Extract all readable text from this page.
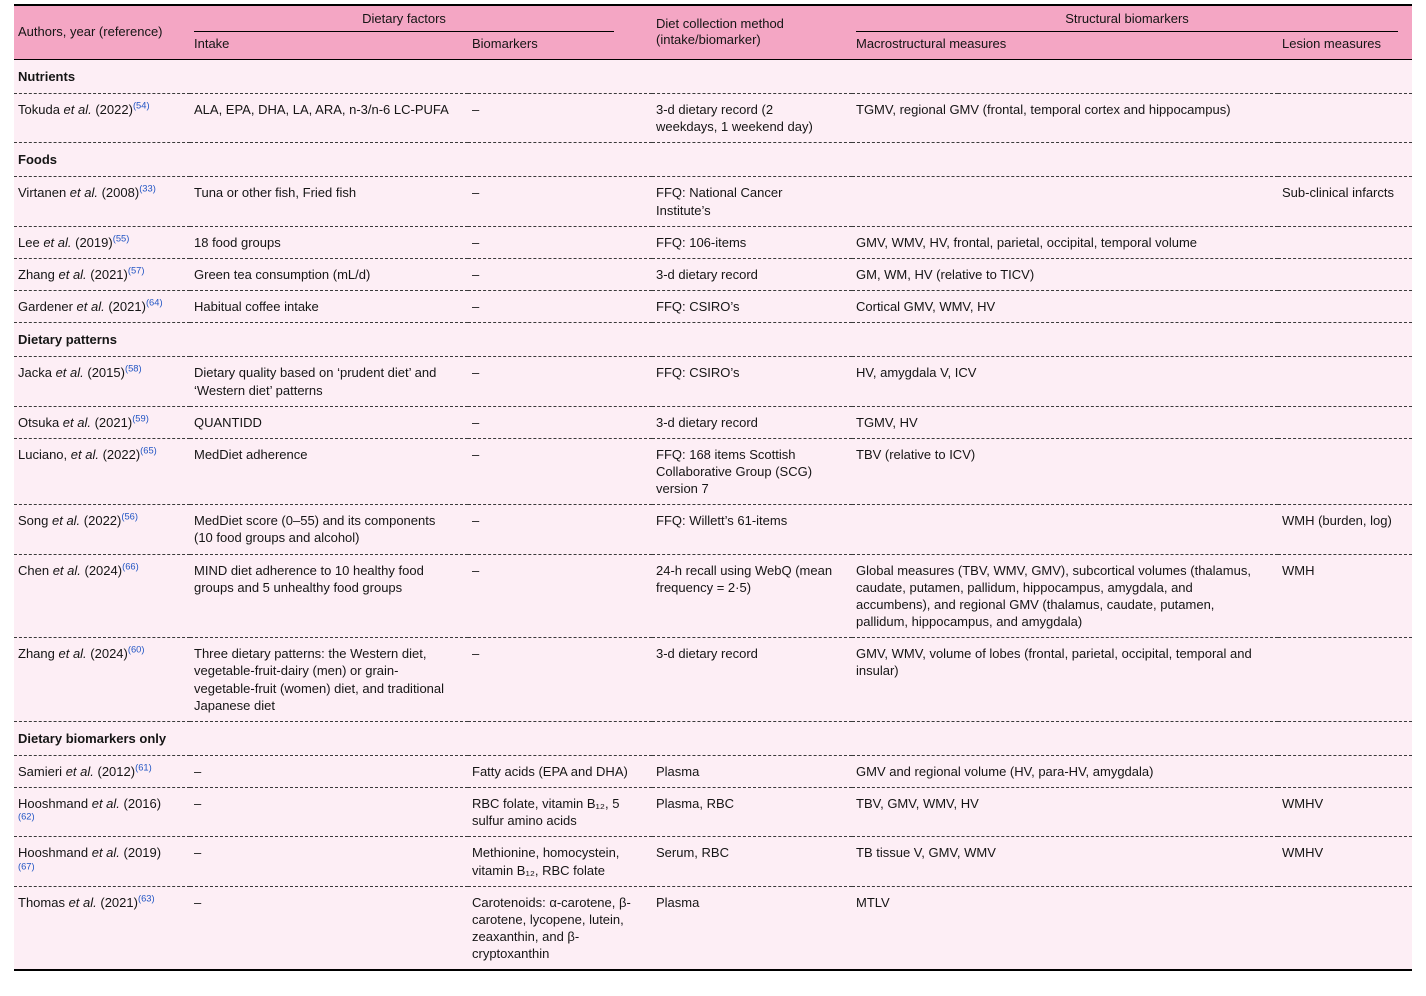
Authors, year (reference)	Dietary factors		Diet collection method (intake/biomarker)	Structural biomarkers	

	Intake	Biomarkers		Macrostructural measures	Lesion measures
Nutrients					
Tokuda et al. (2022)$^{(54)}$	ALA, EPA, DHA, LA, ARA, n-3/n-6 LC-PUFA	–	3-d dietary record (2 weekdays, 1 weekend day)	TGMV, regional GMV (frontal, temporal cortex and hippocampus)	
Foods					
Virtanen et al. (2008)$^{(33)}$	Tuna or other fish, Fried fish	–	FFQ: National Cancer Institute’s		Sub-clinical infarcts
Lee et al. (2019)$^{(55)}$	18 food groups	–	FFQ: 106-items	GMV, WMV, HV, frontal, parietal, occipital, temporal volume	
Zhang et al. (2021)$^{(57)}$	Green tea consumption (mL/d)	–	3-d dietary record	GM, WM, HV (relative to TICV)	
Gardener et al. (2021)$^{(64)}$	Habitual coffee intake	–	FFQ: CSIRO’s	Cortical GMV, WMV, HV	
Dietary patterns					
Jacka et al. (2015)$^{(58)}$	Dietary quality based on ‘prudent diet’ and ‘Western diet’ patterns	–	FFQ: CSIRO’s	HV, amygdala V, ICV	
Otsuka et al. (2021)$^{(59)}$	QUANTIDD	–	3-d dietary record	TGMV, HV	
Luciano, et al. (2022)$^{(65)}$	MedDiet adherence	–	FFQ: 168 items Scottish Collaborative Group (SCG) version 7	TBV (relative to ICV)	
Song et al. (2022)$^{(56)}$	MedDiet score (0–55) and its components (10 food groups and alcohol)	–	FFQ: Willett’s 61-items		WMH (burden, log)
Chen et al. (2024)$^{(66)}$	MIND diet adherence to 10 healthy food groups and 5 unhealthy food groups	–	24-h recall using WebQ (mean frequency = 2·5)	Global measures (TBV, WMV, GMV), subcortical volumes (thalamus, caudate, putamen, pallidum, hippocampus, amygdala, and accumbens), and regional GMV (thalamus, caudate, putamen, pallidum, hippocampus, and amygdala)	WMH
Zhang et al. (2024)$^{(60)}$	Three dietary patterns: the Western diet, vegetable-fruit-dairy (men) or grain-vegetable-fruit (women) diet, and traditional Japanese diet	–	3-d dietary record	GMV, WMV, volume of lobes (frontal, parietal, occipital, temporal and insular)	
Dietary biomarkers only					
Samieri et al. (2012)$^{(61)}$	–	Fatty acids (EPA and DHA)	Plasma	GMV and regional volume (HV, para-HV, amygdala)	
Hooshmand et al. (2016)$^{(62)}$	–	RBC folate, vitamin B₁₂, 5 sulfur amino acids	Plasma, RBC	TBV, GMV, WMV, HV	WMHV
Hooshmand et al. (2019)$^{(67)}$	–	Methionine, homocystein, vitamin B₁₂, RBC folate	Serum, RBC	TB tissue V, GMV, WMV	WMHV
Thomas et al. (2021)$^{(63)}$	–	Carotenoids: α-carotene, β-carotene, lycopene, lutein, zeaxanthin, and β-cryptoxanthin	Plasma	MTLV	
